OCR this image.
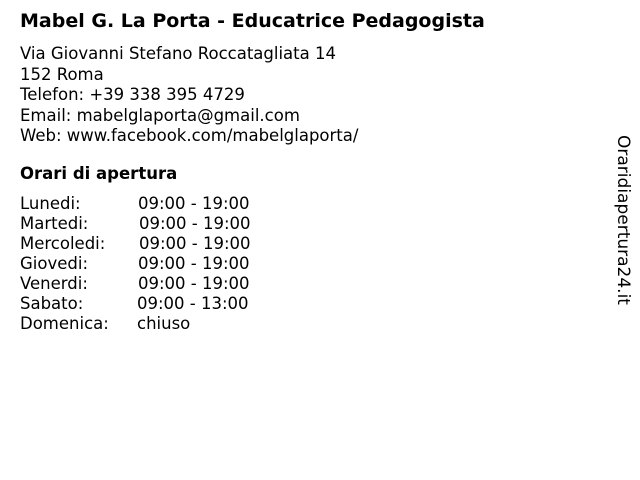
Mabel G. La Porta - Educatrice Pedagogista
Via Giovanni Stefano Roccatagliata 14
152 Roma
Telefon: +39 338 395 4729
Email: mabelglaporta@gmail.com
Web: www.facebook.com/mabelglaporta/
Orari di apertura
Lunedi:	09:00 - 19:00
Martedi:	09:00 - 19:00
Mercoledi: 09:00 - 19:00
Giovedi:	09:00 - 19:00
Venerdi:	09:00 - 19:00
Sabato:	09:00 - 13:00
Domenica: chiuso
Oraridiapertura24.it
